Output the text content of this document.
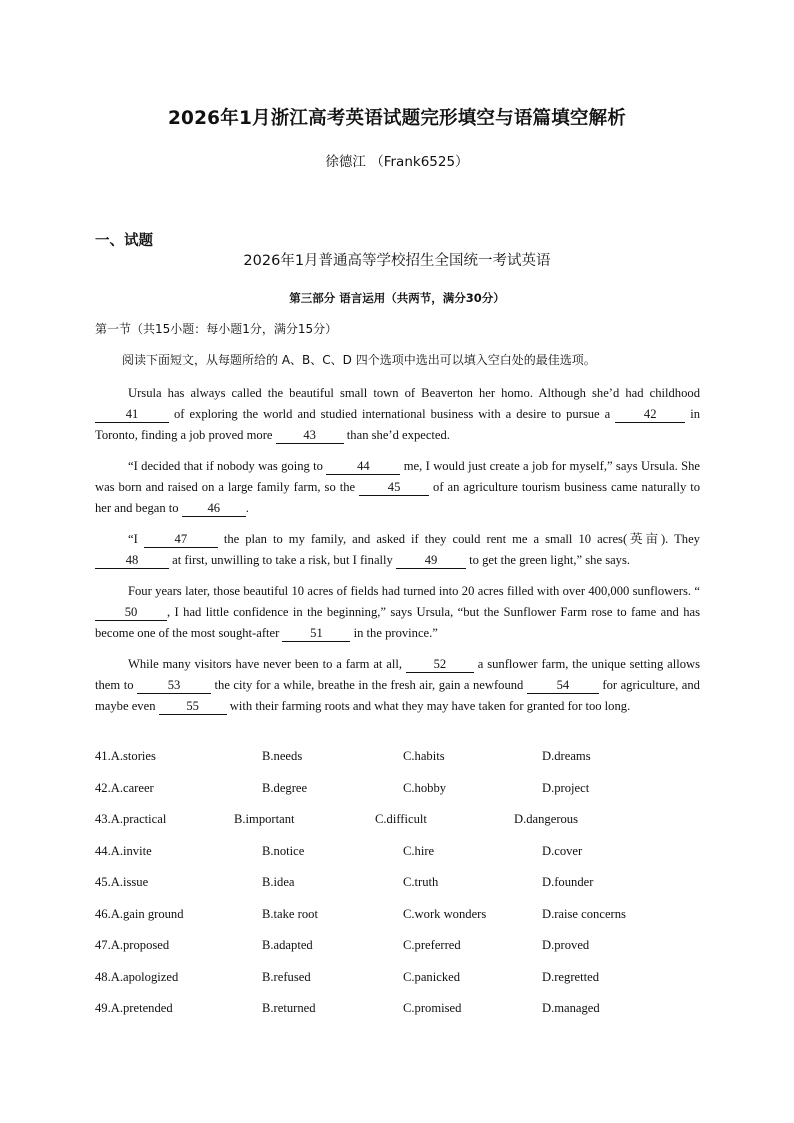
2026年1月浙江高考英语试题完形填空与语篇填空解析
徐德江 （Frank6525）
一、试题
2026年1月普通高等学校招生全国统一考试英语
第三部分 语言运用（共两节，满分30分）
第一节（共15小题：每小题1分，满分15分）
阅读下面短文，从每题所给的 A、B、C、D 四个选项中选出可以填入空白处的最佳选项。
Ursula has always called the beautiful small town of Beaverton her homo. Although she’d had childhood 41 of exploring the world and studied international business with a desire to pursue a 42 in Toronto, finding a job proved more 43 than she’d expected.
“I decided that if nobody was going to 44 me, I would just create a job for myself,” says Ursula. She was born and raised on a large family farm, so the 45 of an agriculture tourism business came naturally to her and began to 46 .
“I 47 the plan to my family, and asked if they could rent me a small 10 acres(英亩). They 48 at first, unwilling to take a risk, but I finally 49 to get the green light,” she says.
Four years later, those beautiful 10 acres of fields had turned into 20 acres filled with over 400,000 sunflowers. “50 , I had little confidence in the beginning,” says Ursula, “but the Sunflower Farm rose to fame and has become one of the most sought-after 51 in the province.”
While many visitors have never been to a farm at all, 52 a sunflower farm, the unique setting allows them to 53 the city for a while, breathe in the fresh air, gain a newfound 54 for agriculture, and maybe even 55 with their farming roots and what they may have taken for granted for too long.
41.A.stories	B.needs	C.habits	D.dreams
42.A.career	B.degree	C.hobby	D.project
43.A.practical	B.important	C.difficult	D.dangerous
44.A.invite	B.notice	C.hire	D.cover
45.A.issue	B.idea	C.truth	D.founder
46.A.gain ground	B.take root	C.work wonders	D.raise concerns
47.A.proposed	B.adapted	C.preferred	D.proved
48.A.apologized	B.refused	C.panicked	D.regretted
49.A.pretended	B.returned	C.promised	D.managed
